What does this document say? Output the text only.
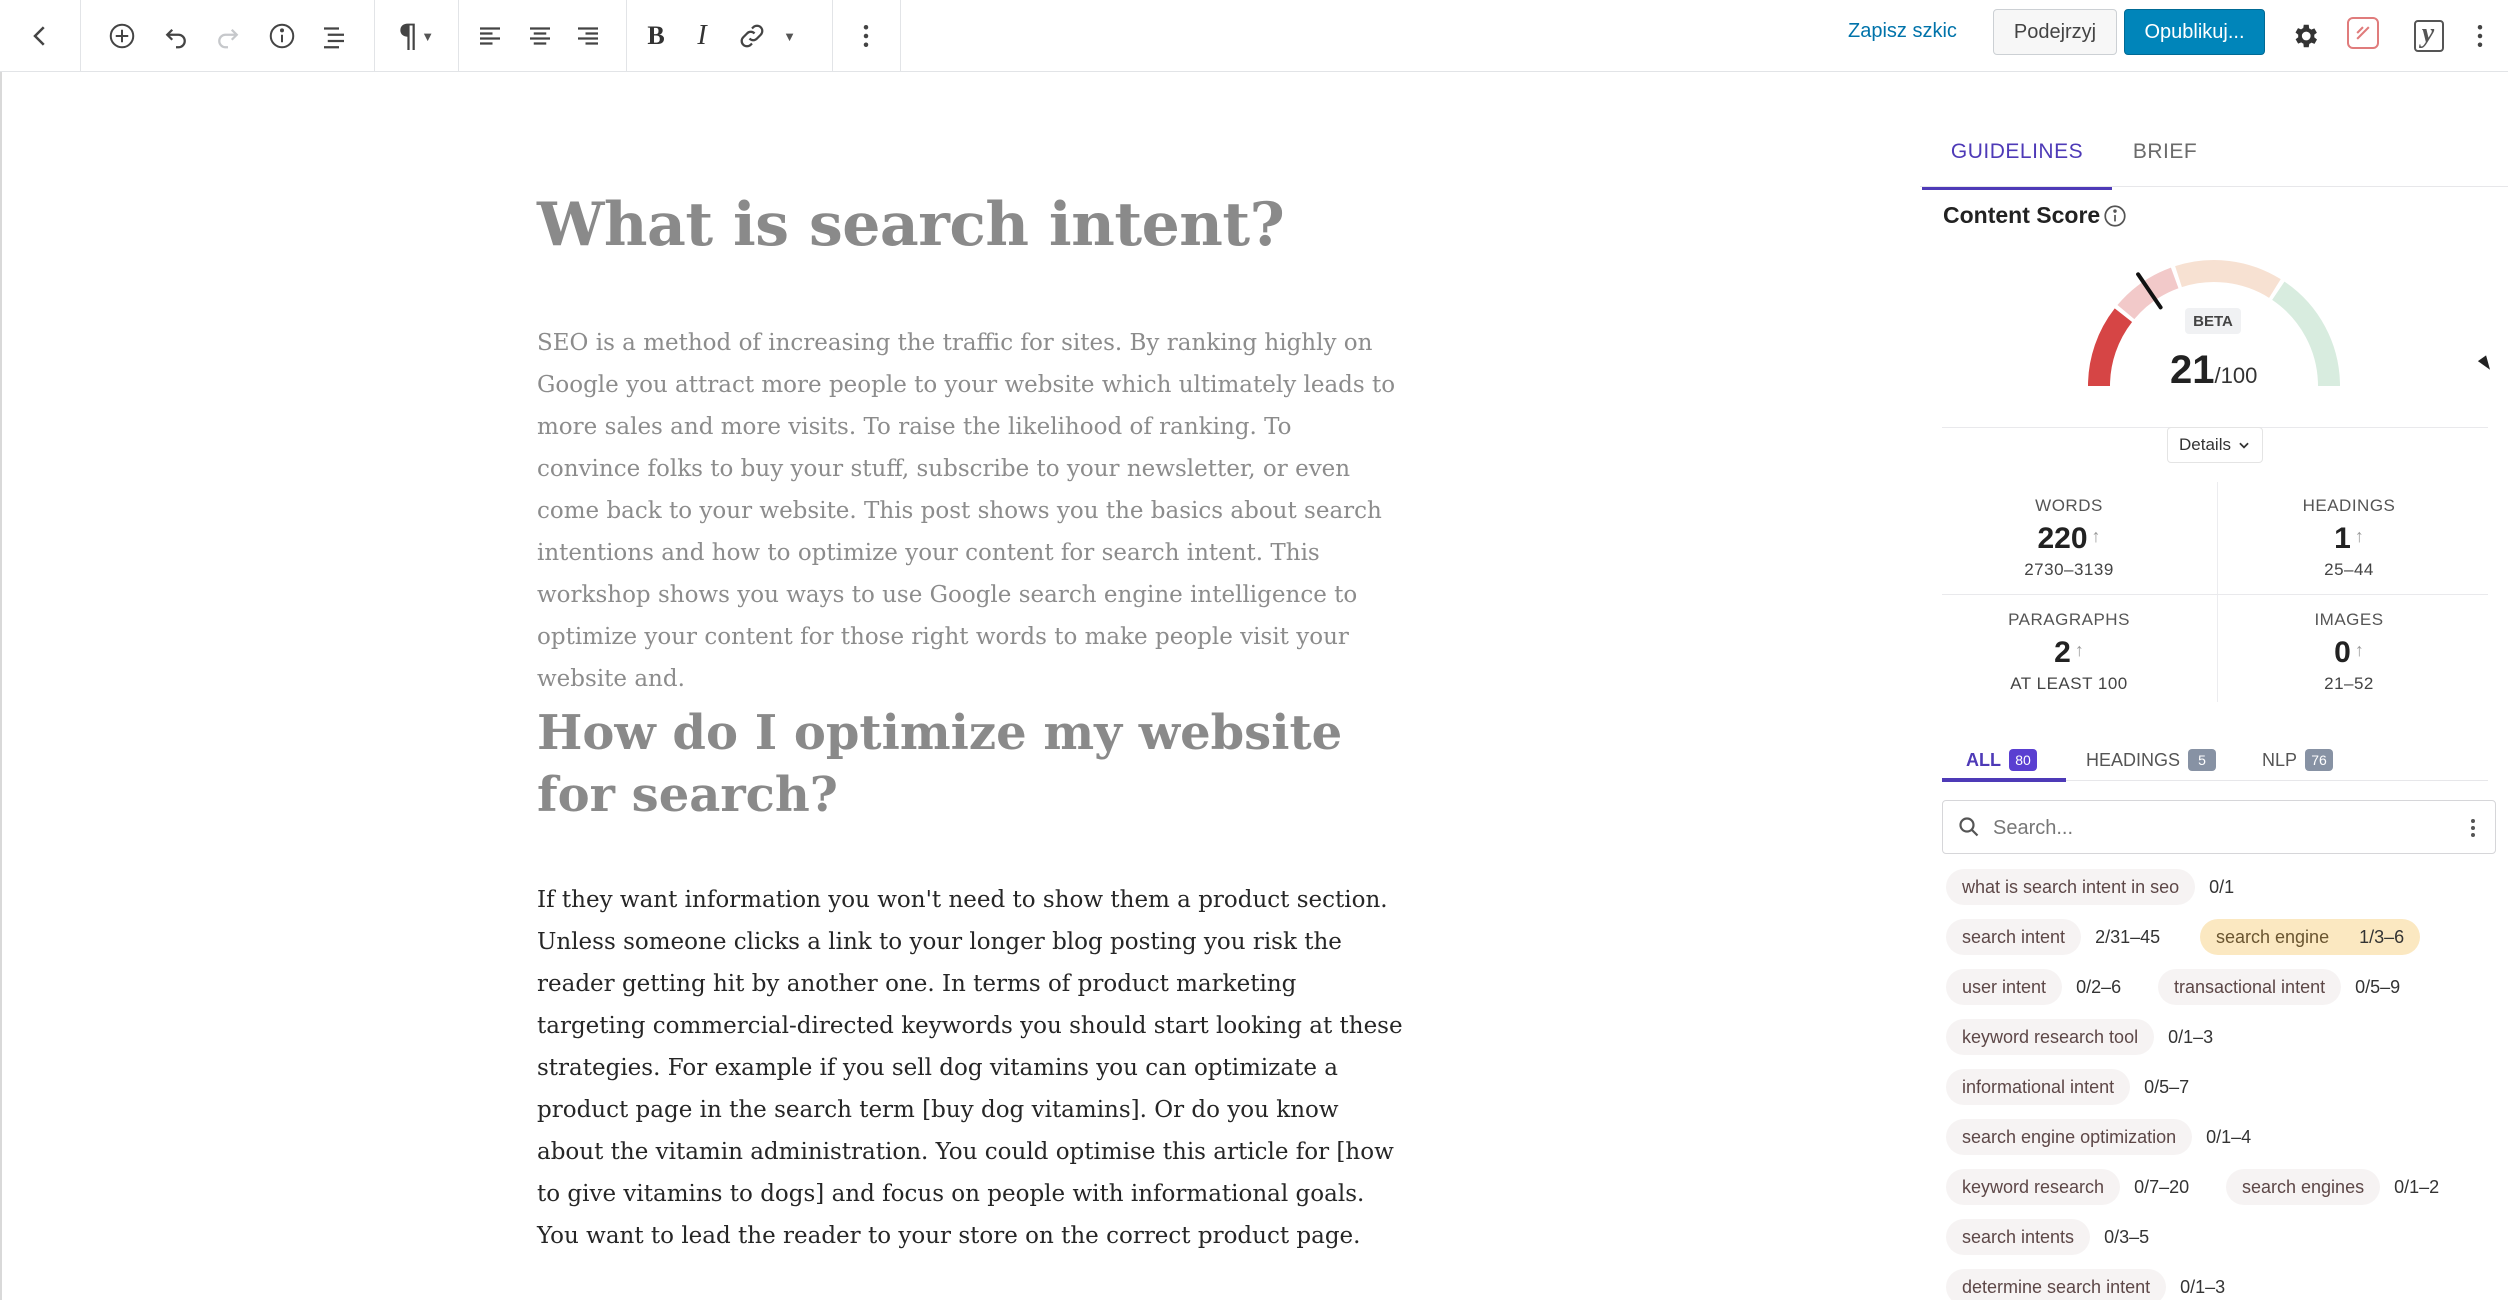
¶ ▼	B I	▼	Zapisz szkic	Podejrzyj	Opublikuj...	y
What is search intent?
SEO is a method of increasing the traffic for sites. By ranking highly on Google you attract more people to your website which ultimately leads to more sales and more visits. To raise the likelihood of ranking. To convince folks to buy your stuff, subscribe to your newsletter, or even come back to your website. This post shows you the basics about search intentions and how to optimize your content for search intent. This workshop shows you ways to use Google search engine intelligence to optimize your content for those right words to make people visit your website and.
How do I optimize my website for search?
If they want information you won't need to show them a product section. Unless someone clicks a link to your longer blog posting you risk the reader getting hit by another one. In terms of product marketing targeting commercial-directed keywords you should start looking at these strategies. For example if you sell dog vitamins you can optimizate a product page in the search term [buy dog vitamins]. Or do you know about the vitamin administration. You could optimise this article for [how to give vitamins to dogs] and focus on people with informational goals. You want to lead the reader to your store on the correct product page.
GUIDELINES	BRIEF
Content Score
BETA
21/100
Details
WORDS
220 ↑
2730–3139
HEADINGS
1 ↑
25–44
PARAGRAPHS
2 ↑
AT LEAST 100
IMAGES
0 ↑
21–52
ALL	80	HEADINGS	5	NLP	76
Search...
what is search intent in seo	0/1
search intent	2/31–45	search engine	1/3–6
user intent	0/2–6	transactional intent	0/5–9
keyword research tool	0/1–3
informational intent	0/5–7
search engine optimization	0/1–4
keyword research	0/7–20	search engines	0/1–2
search intents	0/3–5
determine search intent	0/1–3
